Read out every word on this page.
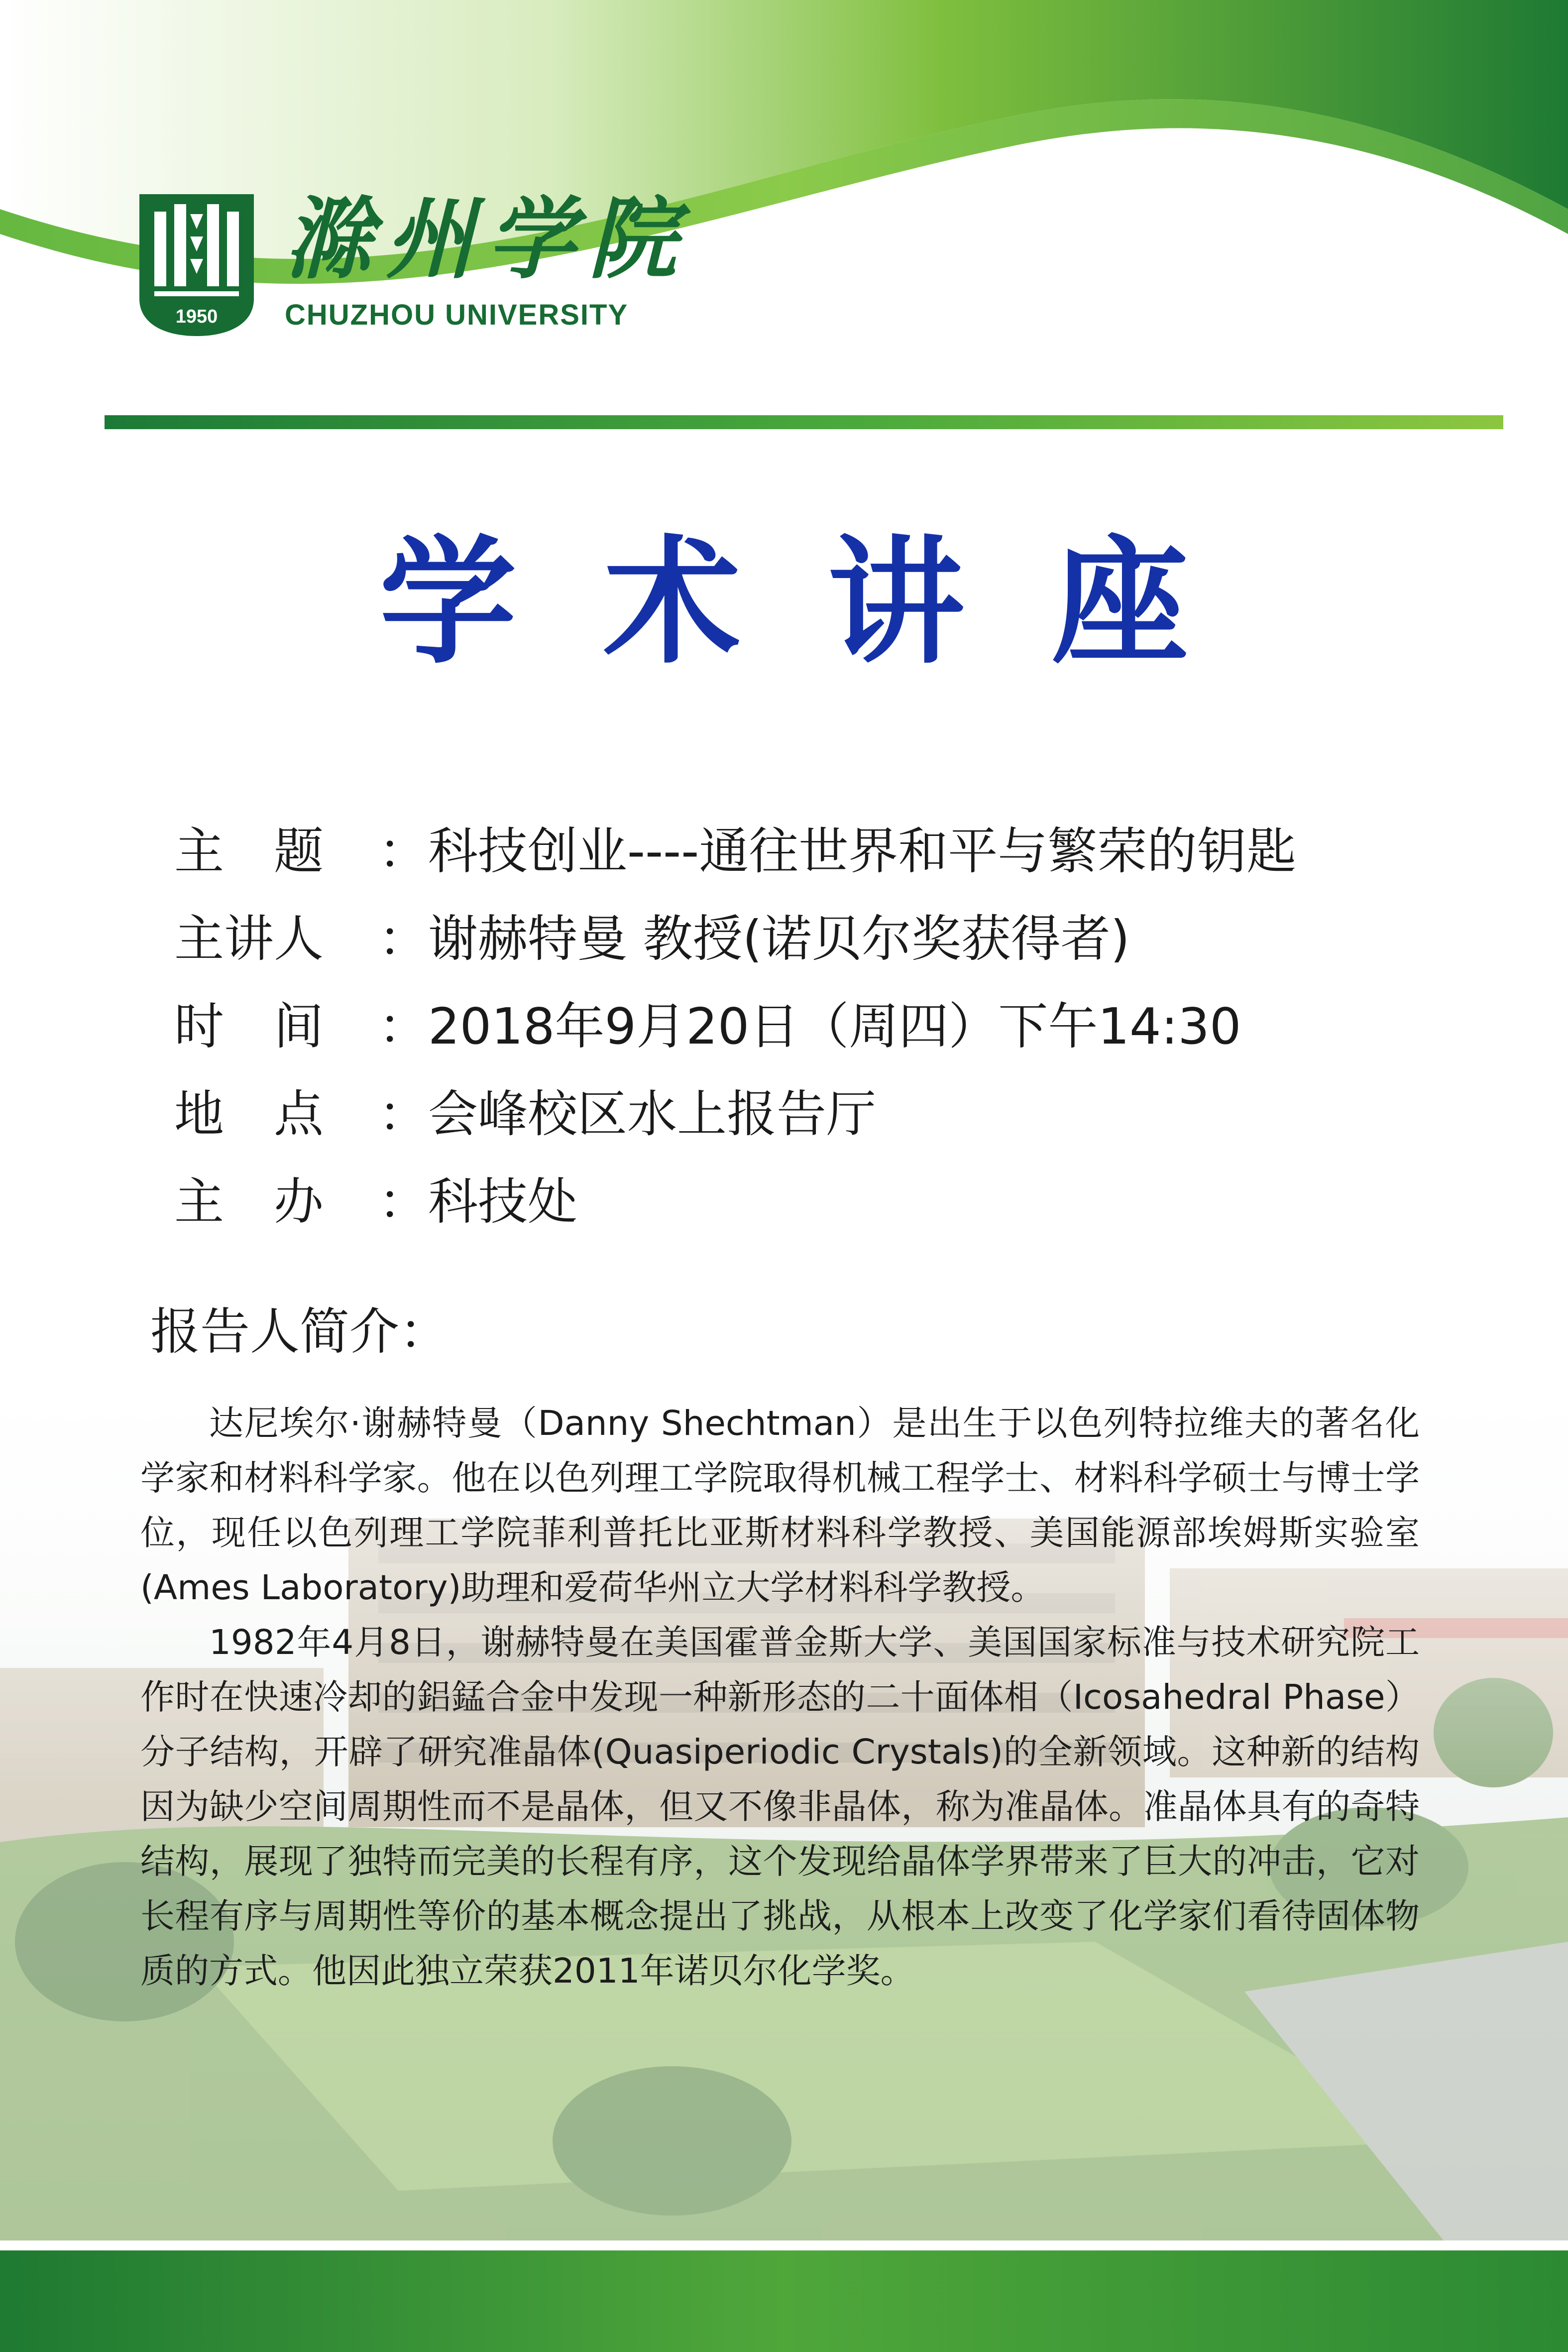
1950
滁州学院
CHUZHOU UNIVERSITY
学术讲座
主　题 ：科技创业----通往世界和平与繁荣的钥匙
主讲人 ：谢赫特曼 教授(诺贝尔奖获得者)
时　间 ：2018年9月20日（周四）下午14:30
地　点 ：会峰校区水上报告厅
主　办 ：科技处
报告人简介：

达尼埃尔·谢赫特曼（Danny Shechtman）是出生于以色列特拉维夫的著名化学家和材料科学家。他在以色列理工学院取得机械工程学士、材料科学硕士与博士学位，现任以色列理工学院菲利普托比亚斯材料科学教授、美国能源部埃姆斯实验室(Ames Laboratory)助理和爱荷华州立大学材料科学教授。

1982年4月8日，谢赫特曼在美国霍普金斯大学、美国国家标准与技术研究院工作时在快速冷却的鋁錳合金中发现一种新形态的二十面体相（Icosahedral Phase）分子结构，开辟了研究准晶体(Quasiperiodic Crystals)的全新领域。这种新的结构因为缺少空间周期性而不是晶体，但又不像非晶体，称为准晶体。准晶体具有的奇特结构，展现了独特而完美的长程有序，这个发现给晶体学界带来了巨大的冲击，它对长程有序与周期性等价的基本概念提出了挑战，从根本上改变了化学家们看待固体物质的方式。他因此独立荣获2011年诺贝尔化学奖。
